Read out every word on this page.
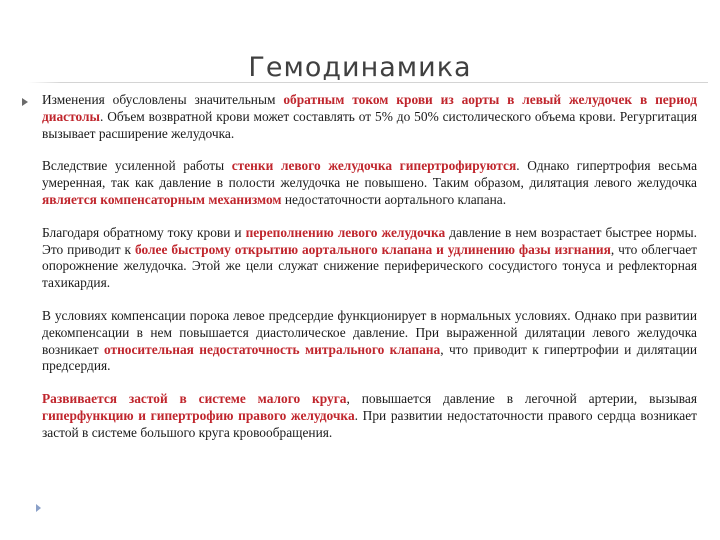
Гемодинамика

Изменения обусловлены значительным обратным током крови из аорты в левый желудочек в период диастолы. Объем возвратной крови может составлять от 5% до 50% систолического объема крови. Регургитация вызывает расширение желудочка.

Вследствие усиленной работы стенки левого желудочка гипертрофируются. Однако гипертрофия весьма умеренная, так как давление в полости желудочка не повышено. Таким образом, дилятация левого желудочка является компенсаторным механизмом недостаточности аортального клапана.

Благодаря обратному току крови и переполнению левого желудочка давление в нем возрастает быстрее нормы. Это приводит к более быстрому открытию аортального клапана и удлинению фазы изгнания, что облегчает опорожнение желудочка. Этой же цели служат снижение периферического сосудистого тонуса и рефлекторная тахикардия.

В условиях компенсации порока левое предсердие функционирует в нормальных условиях. Однако при развитии декомпенсации в нем повышается диастолическое давление. При выраженной дилятации левого желудочка возникает относительная недостаточность митрального клапана, что приводит к гипертрофии и дилятации предсердия.

Развивается застой в системе малого круга, повышается давление в легочной артерии, вызывая гиперфункцию и гипертрофию правого желудочка. При развитии недостаточности правого сердца возникает застой в системе большого круга кровообращения.
